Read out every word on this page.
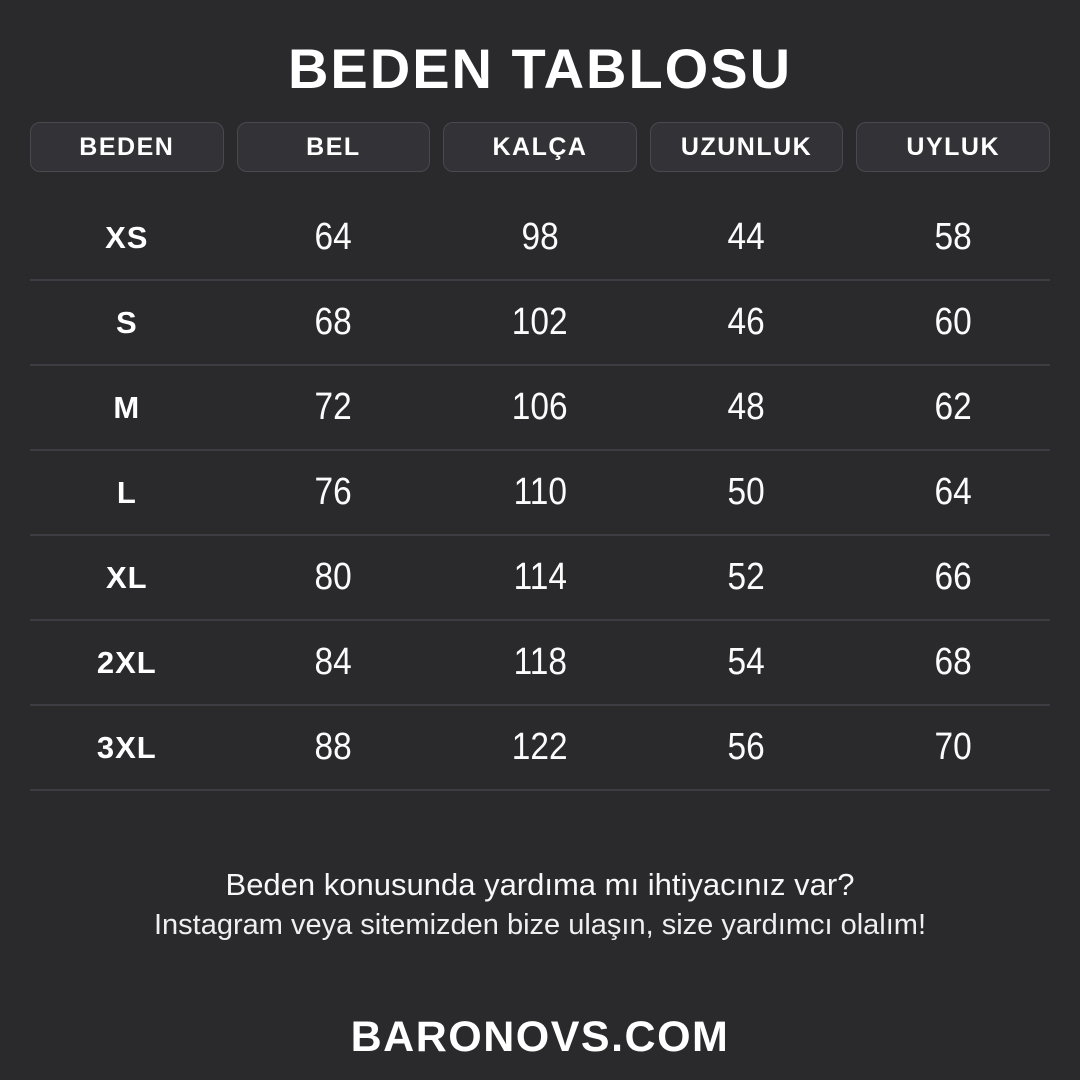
BEDEN TABLOSU
BEDEN	BEL	KALÇA	UZUNLUK	UYLUK
XS	64	98	44	58
S	68	102	46	60
M	72	106	48	62
L	76	110	50	64
XL	80	114	52	66
2XL	84	118	54	68
3XL	88	122	56	70
Beden konusunda yardıma mı ihtiyacınız var?
Instagram veya sitemizden bize ulaşın, size yardımcı olalım!
BARONOVS.COM
